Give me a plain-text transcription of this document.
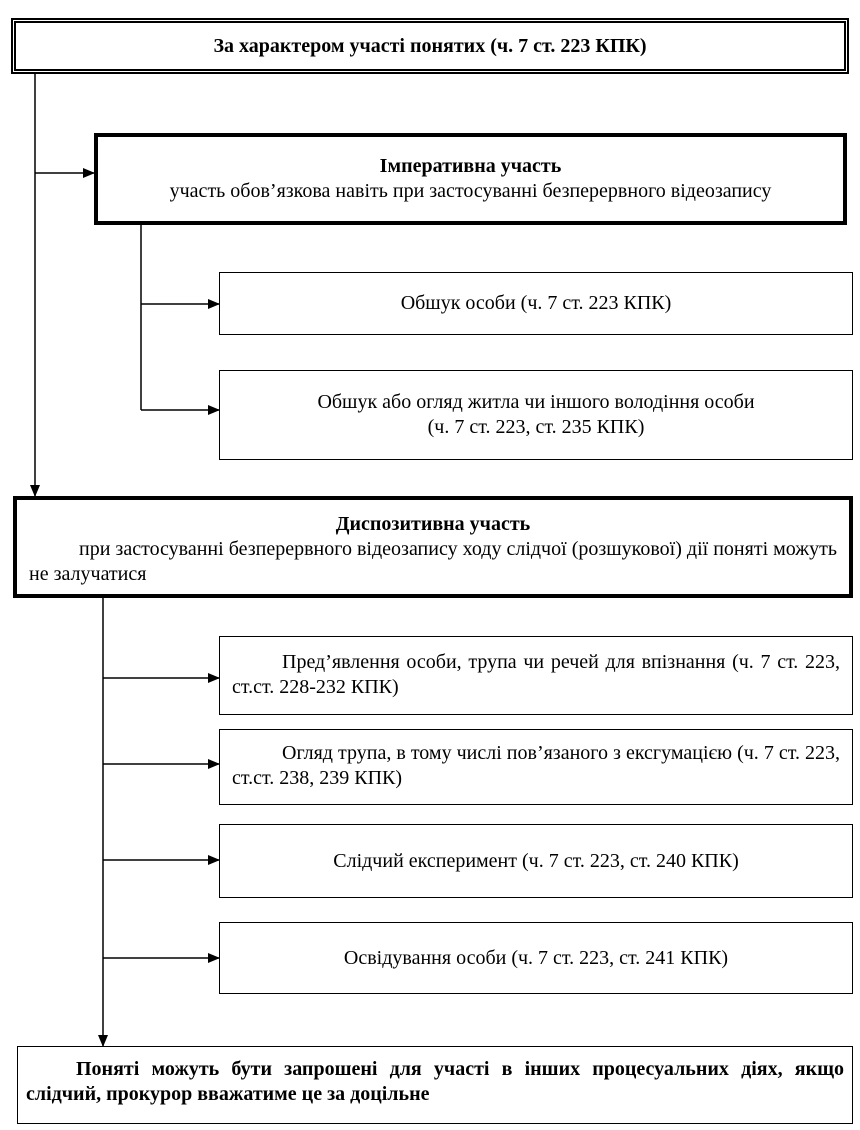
За характером участі понятих (ч. 7 ст. 223 КПК)
Імперативна участь
участь обов’язкова навіть при застосуванні безперервного відеозапису
Обшук особи (ч. 7 ст. 223 КПК)
Обшук або огляд житла чи іншого володіння особи
(ч. 7 ст. 223, ст. 235 КПК)
Диспозитивна участь
при застосуванні безперервного відеозапису ходу слідчої (розшукової) дії поняті можуть не залучатися
Пред’явлення особи, трупа чи речей для впізнання (ч. 7 ст. 223, ст.ст. 228-232 КПК)
Огляд трупа, в тому числі пов’язаного з ексгумацією (ч. 7 ст. 223, ст.ст. 238, 239 КПК)
Слідчий експеримент (ч. 7 ст. 223, ст. 240 КПК)
Освідування особи (ч. 7 ст. 223, ст. 241 КПК)
Поняті можуть бути запрошені для участі в інших процесуальних діях, якщо слідчий, прокурор вважатиме це за доцільне
